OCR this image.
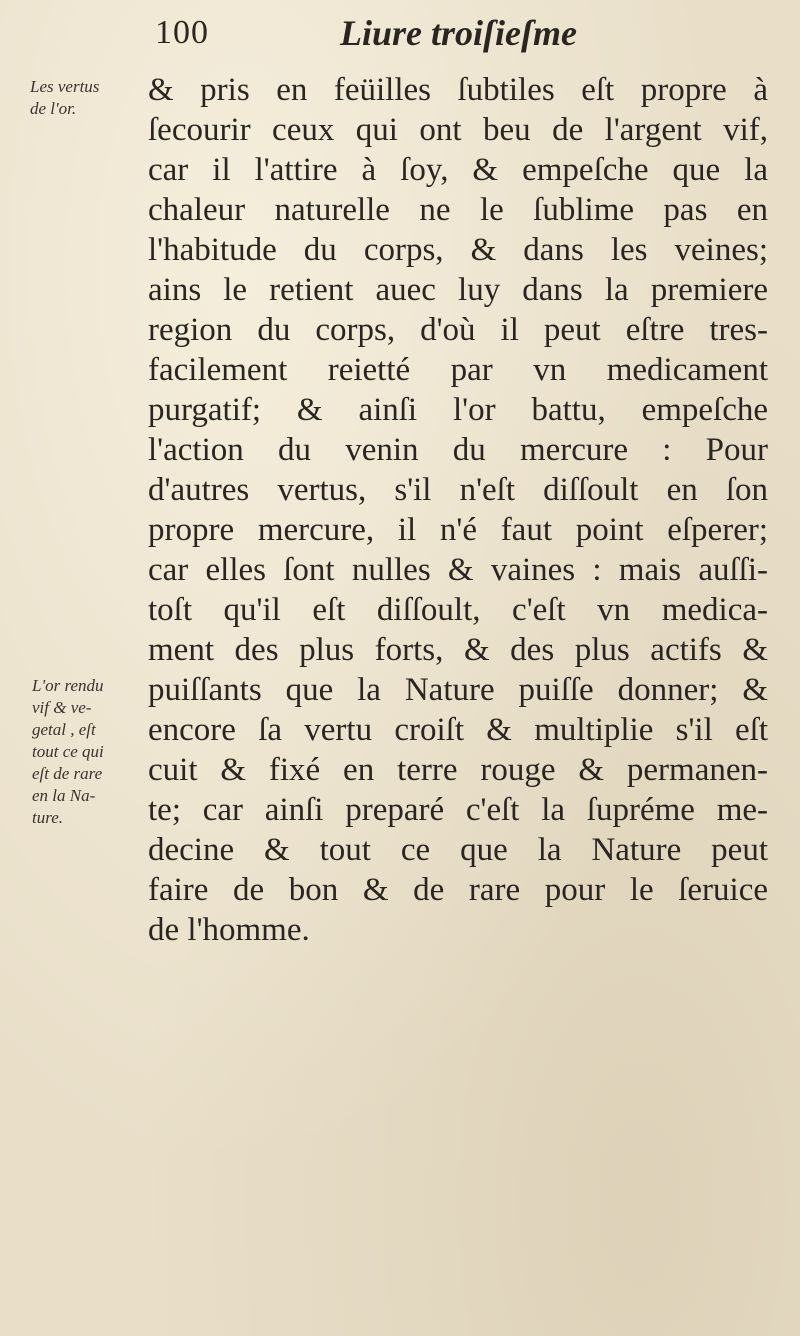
100	Liure troiſieſme
Les vertus
de l'or.
L'or rendu
vif & ve-
getal , eſt
tout ce qui
eſt de rare
en la Na-
ture.
& pris en feüilles ſubtiles eſt propre à
ſecourir ceux qui ont beu de l'argent vif,
car il l'attire à ſoy, & empeſche que la
chaleur naturelle ne le ſublime pas en
l'habitude du corps, & dans les veines;
ains le retient auec luy dans la premiere
region du corps, d'où il peut eſtre tres-
facilement reietté par vn medicament
purgatif; & ainſi l'or battu, empeſche
l'action du venin du mercure : Pour
d'autres vertus, s'il n'eſt diſſoult en ſon
propre mercure, il n'é faut point eſperer;
car elles ſont nulles & vaines : mais auſſi-
toſt qu'il eſt diſſoult, c'eſt vn medica-
ment des plus forts, & des plus actifs &
puiſſants que la Nature puiſſe donner; &
encore ſa vertu croiſt & multiplie s'il eſt
cuit & fixé en terre rouge & permanen-
te; car ainſi preparé c'eſt la ſupréme me-
decine & tout ce que la Nature peut
faire de bon & de rare pour le ſeruice
de l'homme.
